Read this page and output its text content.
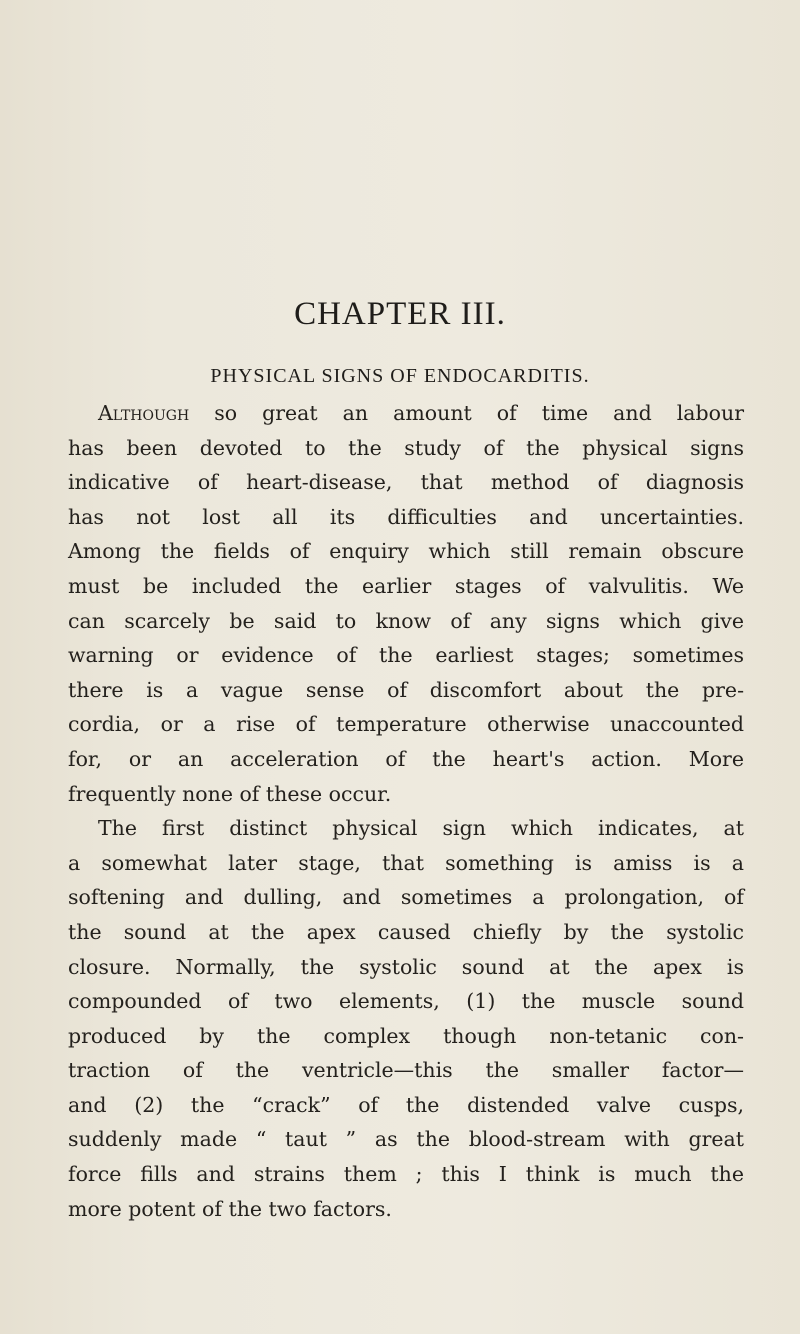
CHAPTER III.
PHYSICAL SIGNS OF ENDOCARDITIS.
Although so great an amount of time and labour
has been devoted to the study of the physical signs
indicative of heart-disease, that method of diagnosis
has not lost all its difficulties and uncertainties.
Among the fields of enquiry which still remain obscure
must be included the earlier stages of valvulitis. We
can scarcely be said to know of any signs which give
warning or evidence of the earliest stages; sometimes
there is a vague sense of discomfort about the pre-
cordia, or a rise of temperature otherwise unaccounted
for, or an acceleration of the heart's action. More
frequently none of these occur.
The first distinct physical sign which indicates, at
a somewhat later stage, that something is amiss is a
softening and dulling, and sometimes a prolongation, of
the sound at the apex caused chiefly by the systolic
closure. Normally, the systolic sound at the apex is
compounded of two elements, (1) the muscle sound
produced by the complex though non-tetanic con-
traction of the ventricle—this the smaller factor—
and (2) the “crack” of the distended valve cusps,
suddenly made “ taut ” as the blood-stream with great
force fills and strains them ; this I think is much the
more potent of the two factors.
